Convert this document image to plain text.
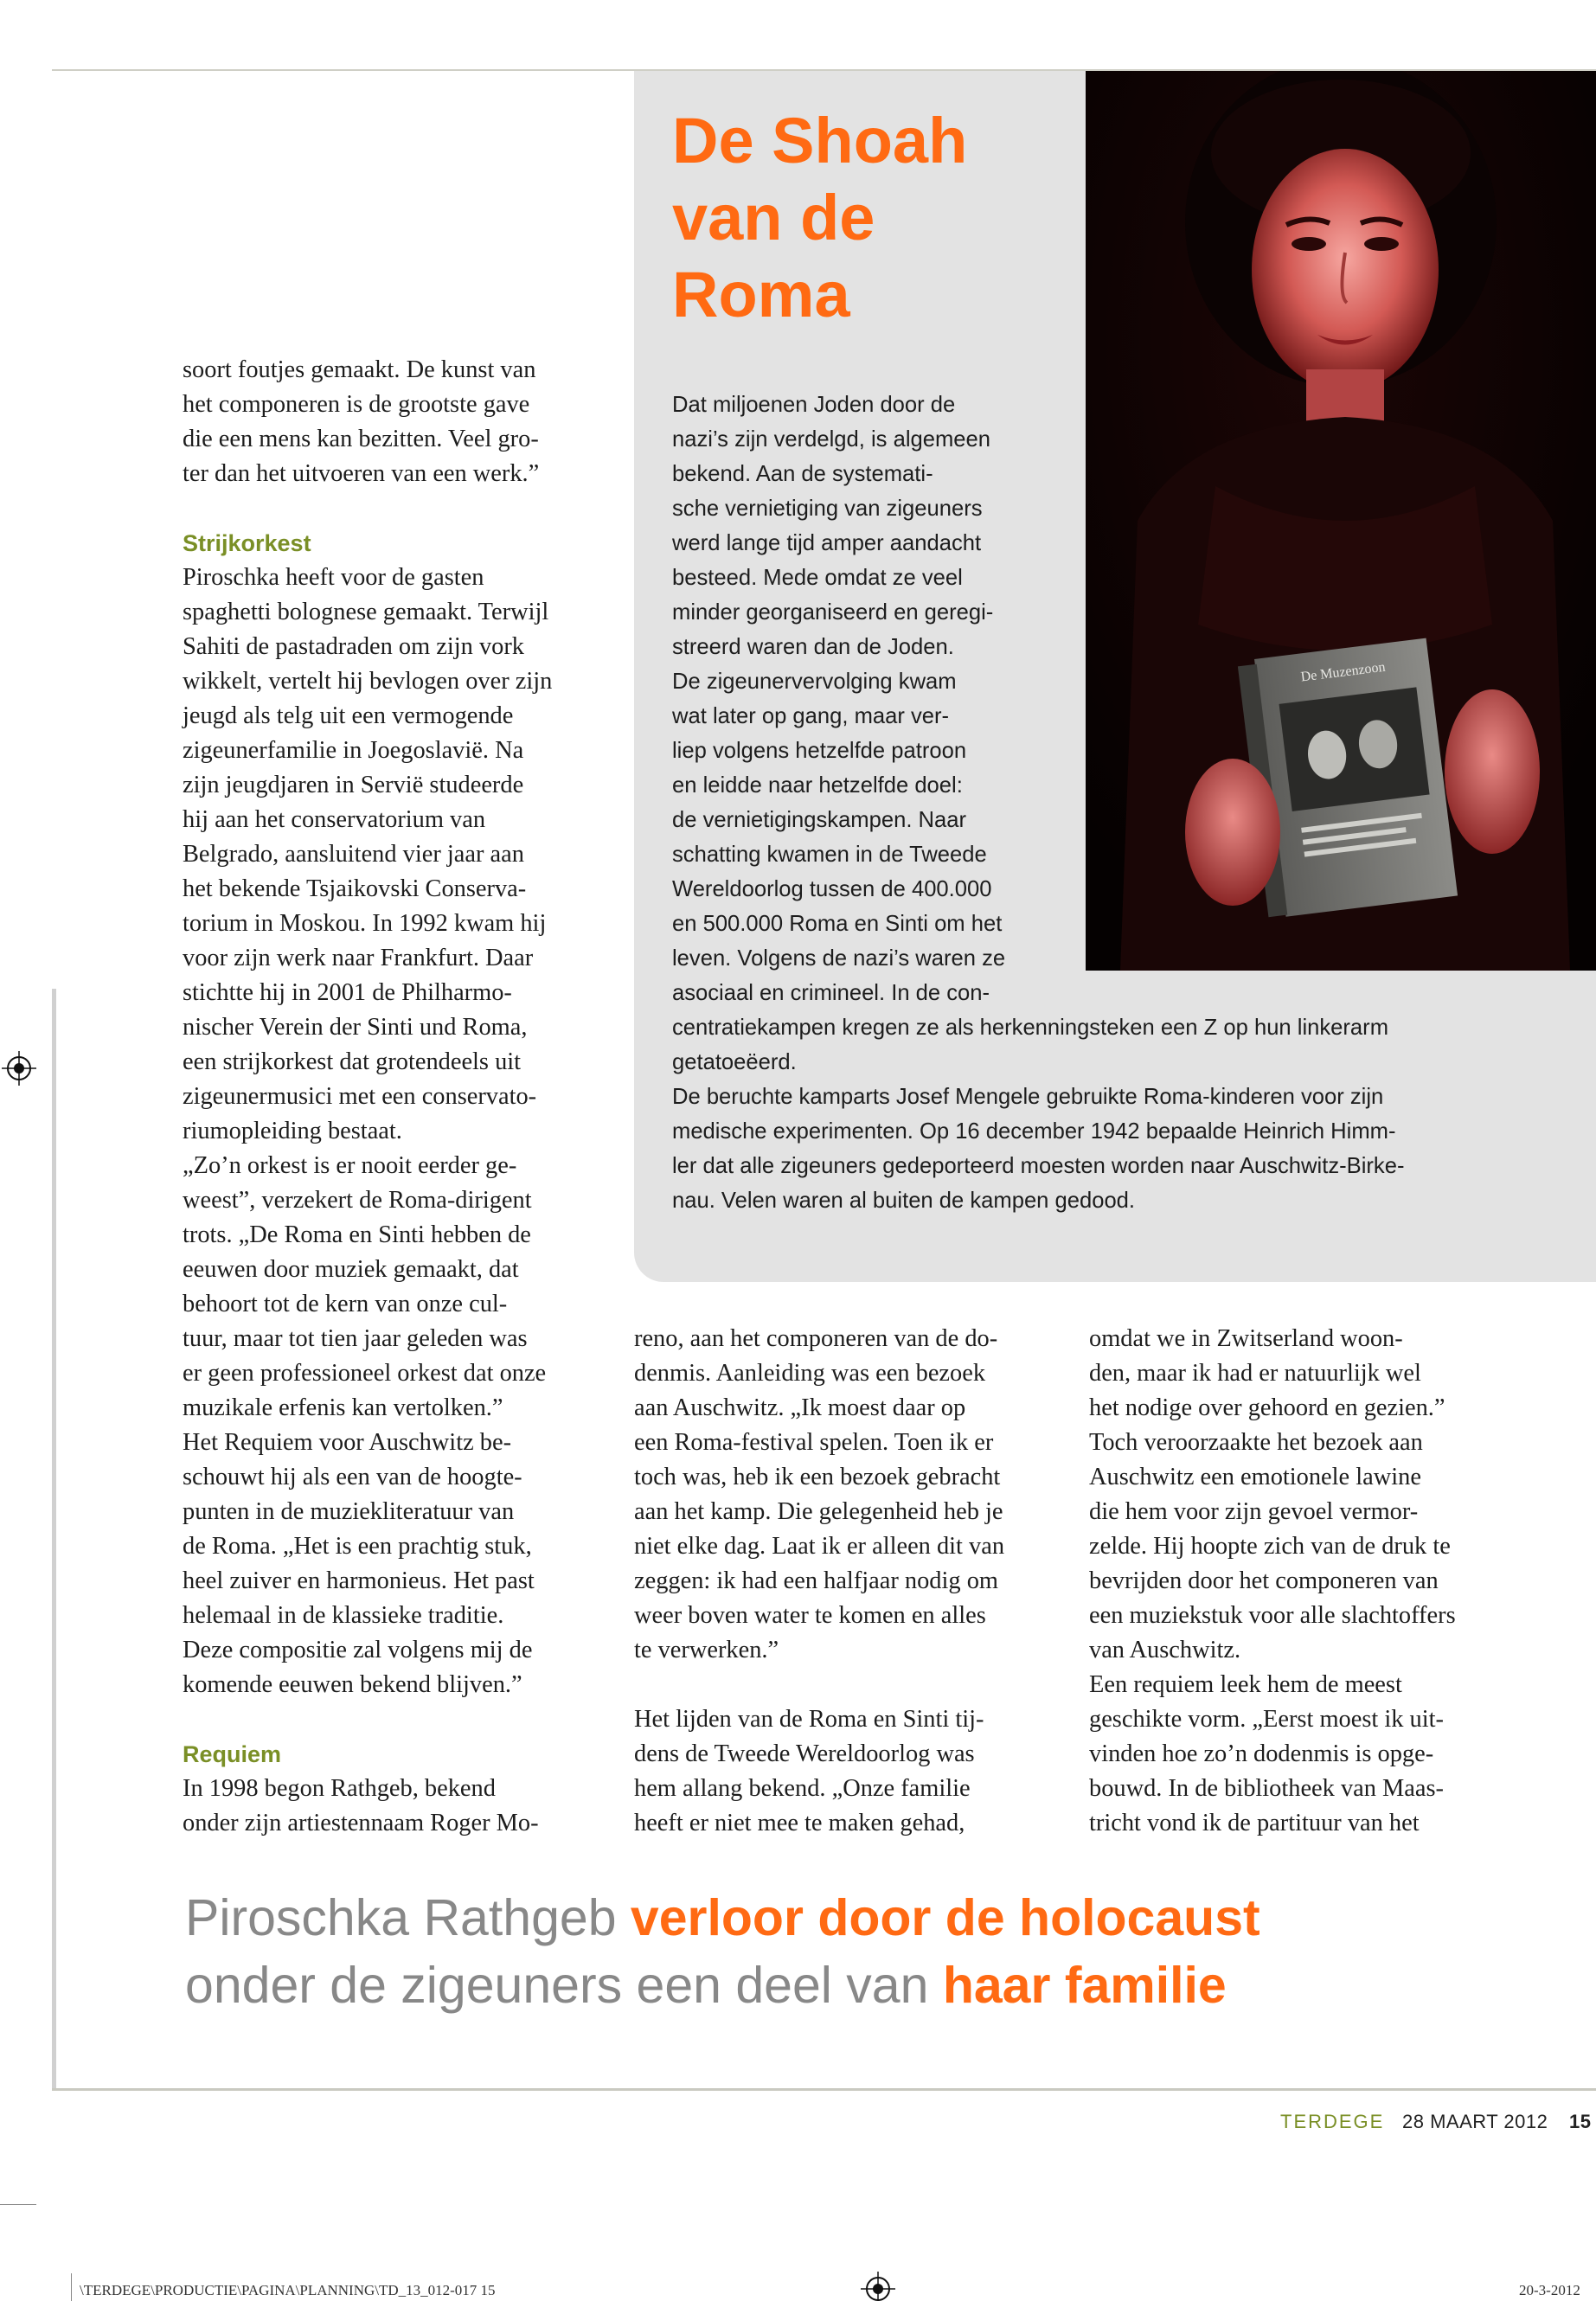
De Muzenzoon
De Shoah
van de
Roma
Dat miljoenen Joden door de
nazi’s zijn verdelgd, is algemeen
bekend. Aan de systemati-
sche vernietiging van zigeuners
werd lange tijd amper aandacht
besteed. Mede omdat ze veel
minder georganiseerd en geregi-
streerd waren dan de Joden.
De zigeunervervolging kwam
wat later op gang, maar ver-
liep volgens hetzelfde patroon
en leidde naar hetzelfde doel:
de vernietigingskampen. Naar
schatting kwamen in de Tweede
Wereldoorlog tussen de 400.000
en 500.000 Roma en Sinti om het
leven. Volgens de nazi’s waren ze
asociaal en crimineel. In de con-
centratiekampen kregen ze als herkenningsteken een Z op hun linkerarm
getatoeëerd.
De beruchte kamparts Josef Mengele gebruikte Roma-kinderen voor zijn
medische experimenten. Op 16 december 1942 bepaalde Heinrich Himm-
ler dat alle zigeuners gedeporteerd moesten worden naar Auschwitz-Birke-
nau. Velen waren al buiten de kampen gedood.
soort foutjes gemaakt. De kunst van
het componeren is de grootste gave
die een mens kan bezitten. Veel gro-
ter dan het uitvoeren van een werk.”

Strijkorkest
Piroschka heeft voor de gasten
spaghetti bolognese gemaakt. Terwijl
Sahiti de pastadraden om zijn vork
wikkelt, vertelt hij bevlogen over zijn
jeugd als telg uit een vermogende
zigeunerfamilie in Joegoslavië. Na
zijn jeugdjaren in Servië studeerde
hij aan het conservatorium van
Belgrado, aansluitend vier jaar aan
het bekende Tsjaikovski Conserva-
torium in Moskou. In 1992 kwam hij
voor zijn werk naar Frankfurt. Daar
stichtte hij in 2001 de Philharmo-
nischer Verein der Sinti und Roma,
een strijkorkest dat grotendeels uit
zigeunermusici met een conservato-
riumopleiding bestaat.
„Zo’n orkest is er nooit eerder ge-
weest”, verzekert de Roma-dirigent
trots. „De Roma en Sinti hebben de
eeuwen door muziek gemaakt, dat
behoort tot de kern van onze cul-
tuur, maar tot tien jaar geleden was
er geen professioneel orkest dat onze
muzikale erfenis kan vertolken.”
Het Requiem voor Auschwitz be-
schouwt hij als een van de hoogte-
punten in de muziekliteratuur van
de Roma. „Het is een prachtig stuk,
heel zuiver en harmonieus. Het past
helemaal in de klassieke traditie.
Deze compositie zal volgens mij de
komende eeuwen bekend blijven.”

Requiem
In 1998 begon Rathgeb, bekend
onder zijn artiestennaam Roger Mo-
reno, aan het componeren van de do-
denmis. Aanleiding was een bezoek
aan Auschwitz. „Ik moest daar op
een Roma-festival spelen. Toen ik er
toch was, heb ik een bezoek gebracht
aan het kamp. Die gelegenheid heb je
niet elke dag. Laat ik er alleen dit van
zeggen: ik had een halfjaar nodig om
weer boven water te komen en alles
te verwerken.”

Het lijden van de Roma en Sinti tij-
dens de Tweede Wereldoorlog was
hem allang bekend. „Onze familie
heeft er niet mee te maken gehad,
omdat we in Zwitserland woon-
den, maar ik had er natuurlijk wel
het nodige over gehoord en gezien.”
Toch veroorzaakte het bezoek aan
Auschwitz een emotionele lawine
die hem voor zijn gevoel vermor-
zelde. Hij hoopte zich van de druk te
bevrijden door het componeren van
een muziekstuk voor alle slachtoffers
van Auschwitz.
Een requiem leek hem de meest
geschikte vorm. „Eerst moest ik uit-
vinden hoe zo’n dodenmis is opge-
bouwd. In de bibliotheek van Maas-
tricht vond ik de partituur van het
Piroschka Rathgeb verloor door de holocaust
onder de zigeuners een deel van haar familie
TERDEGE 28 MAART 2012 15
\TERDEGE\PRODUCTIE\PAGINA\PLANNING\TD_13_012-017 15	20-3-2012
